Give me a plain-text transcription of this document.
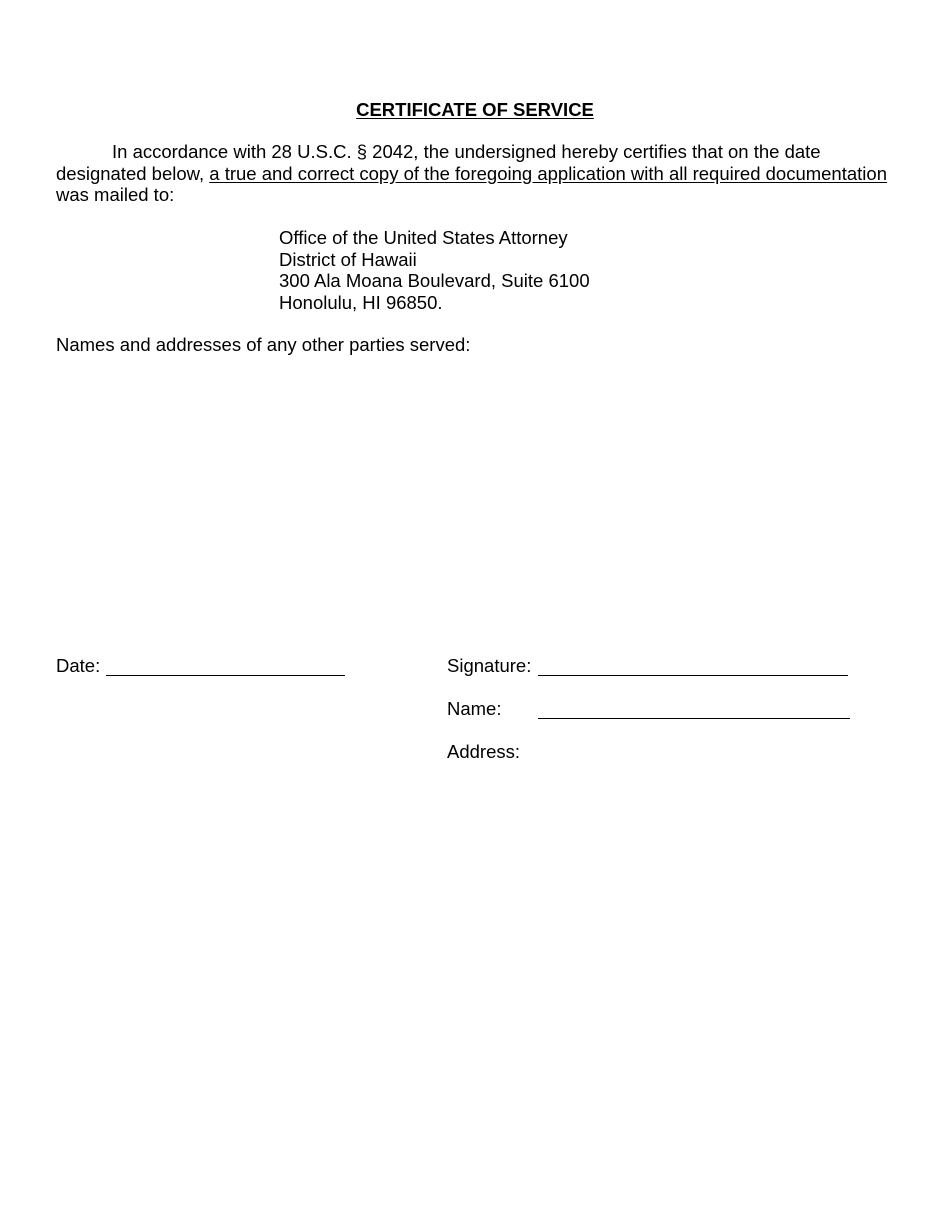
CERTIFICATE OF SERVICE
In accordance with 28 U.S.C. § 2042, the undersigned hereby certifies that on the date
designated below, a true and correct copy of the foregoing application with all required documentation
was mailed to:
Office of the United States Attorney
District of Hawaii
300 Ala Moana Boulevard, Suite 6100
Honolulu, HI 96850.
Names and addresses of any other parties served:
Date:	Signature:
Name:
Address:
